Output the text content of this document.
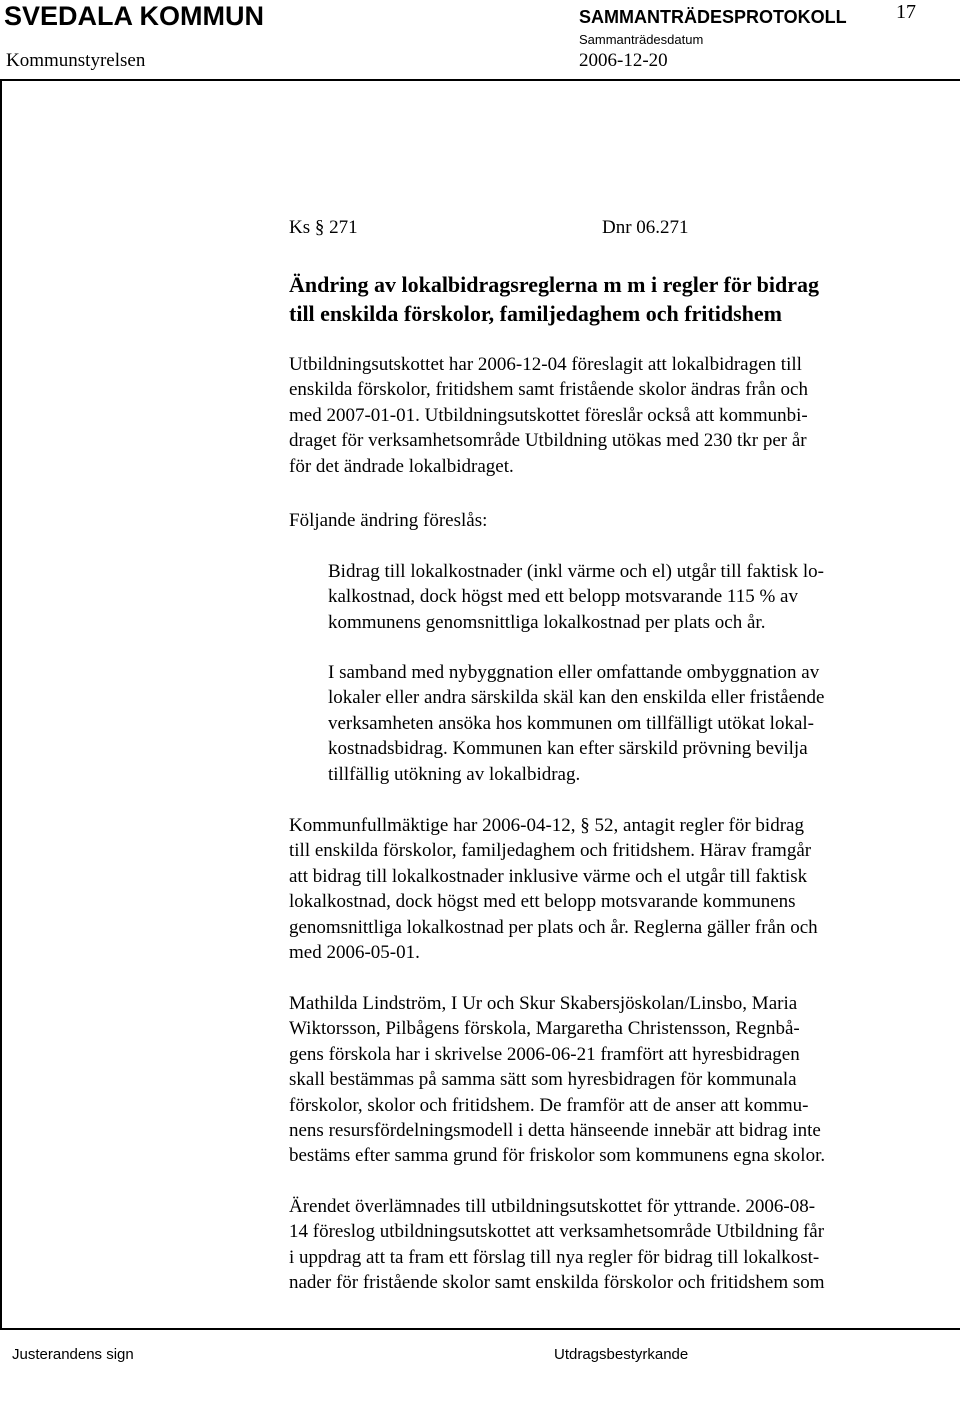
SVEDALA KOMMUN	SAMMANTRÄDESPROTOKOLL 17
Kommunstyrelsen
Sammanträdesdatum
2006-12-20
Ks § 271	Dnr 06.271
Ändring av lokalbidragsreglerna m m i regler för bidrag
till enskilda förskolor, familjedaghem och fritidshem
Utbildningsutskottet har 2006-12-04 föreslagit att lokalbidragen till
enskilda förskolor, fritidshem samt fristående skolor ändras från och
med 2007-01-01. Utbildningsutskottet föreslår också att kommunbi-
draget för verksamhetsområde Utbildning utökas med 230 tkr per år
för det ändrade lokalbidraget.
Följande ändring föreslås:
Bidrag till lokalkostnader (inkl värme och el) utgår till faktisk lo-
kalkostnad, dock högst med ett belopp motsvarande 115 % av
kommunens genomsnittliga lokalkostnad per plats och år.
I samband med nybyggnation eller omfattande ombyggnation av
lokaler eller andra särskilda skäl kan den enskilda eller fristående
verksamheten ansöka hos kommunen om tillfälligt utökat lokal-
kostnadsbidrag. Kommunen kan efter särskild prövning bevilja
tillfällig utökning av lokalbidrag.
Kommunfullmäktige har 2006-04-12, § 52, antagit regler för bidrag
till enskilda förskolor, familjedaghem och fritidshem. Härav framgår
att bidrag till lokalkostnader inklusive värme och el utgår till faktisk
lokalkostnad, dock högst med ett belopp motsvarande kommunens
genomsnittliga lokalkostnad per plats och år. Reglerna gäller från och
med 2006-05-01.
Mathilda Lindström, I Ur och Skur Skabersjöskolan/Linsbo, Maria
Wiktorsson, Pilbågens förskola, Margaretha Christensson, Regnbå-
gens förskola har i skrivelse 2006-06-21 framfört att hyresbidragen
skall bestämmas på samma sätt som hyresbidragen för kommunala
förskolor, skolor och fritidshem. De framför att de anser att kommu-
nens resursfördelningsmodell i detta hänseende innebär att bidrag inte
bestäms efter samma grund för friskolor som kommunens egna skolor.
Ärendet överlämnades till utbildningsutskottet för yttrande. 2006-08-
14 föreslog utbildningsutskottet att verksamhetsområde Utbildning får
i uppdrag att ta fram ett förslag till nya regler för bidrag till lokalkost-
nader för fristående skolor samt enskilda förskolor och fritidshem som
Justerandens sign	Utdragsbestyrkande
